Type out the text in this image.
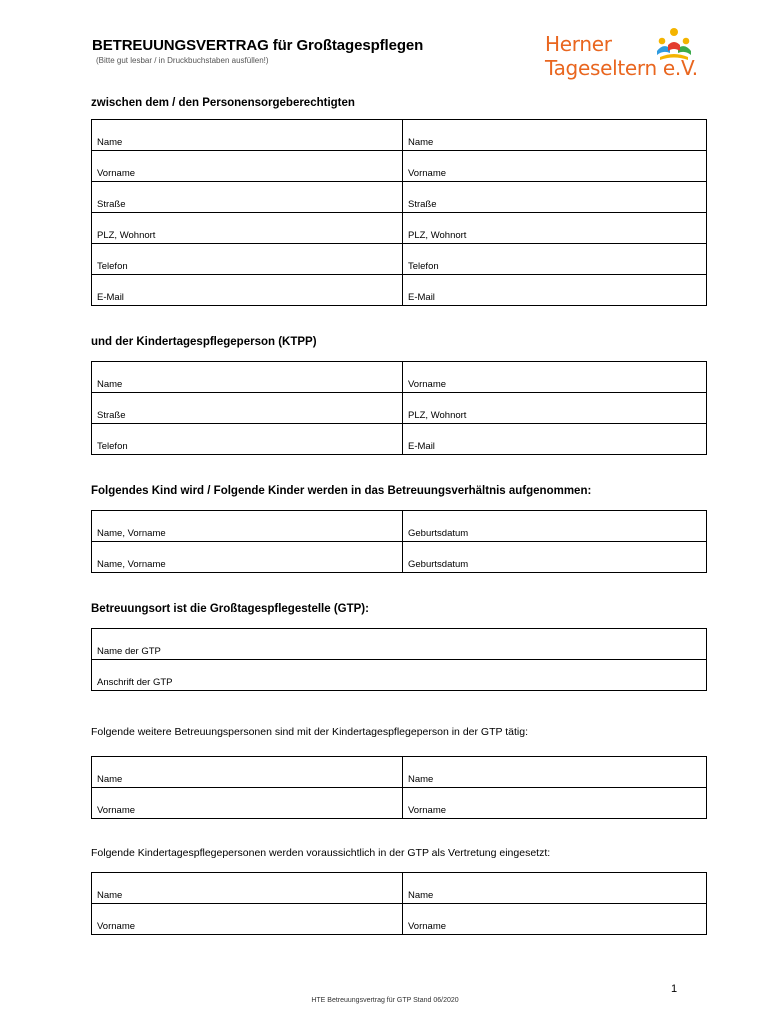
BETREUUNGSVERTRAG für Großtagespflegen
(Bitte gut lesbar / in Druckbuchstaben ausfüllen!)
Herner
Tageseltern e.V.
zwischen dem / den Personensorgeberechtigten
Name	Name
Vorname	Vorname
Straße	Straße
PLZ, Wohnort	PLZ, Wohnort
Telefon	Telefon
E-Mail	E-Mail
und der Kindertagespflegeperson (KTPP)
Name	Vorname
Straße	PLZ, Wohnort
Telefon	E-Mail
Folgendes Kind wird / Folgende Kinder werden in das Betreuungsverhältnis aufgenommen:
Name, Vorname	Geburtsdatum
Name, Vorname	Geburtsdatum
Betreuungsort ist die Großtagespflegestelle (GTP):
Name der GTP
Anschrift der GTP
Folgende weitere Betreuungspersonen sind mit der Kindertagespflegeperson in der GTP tätig:
Name	Name
Vorname	Vorname
Folgende Kindertagespflegepersonen werden voraussichtlich in der GTP als Vertretung eingesetzt:
Name	Name
Vorname	Vorname
1
HTE Betreuungsvertrag für GTP Stand 06/2020
